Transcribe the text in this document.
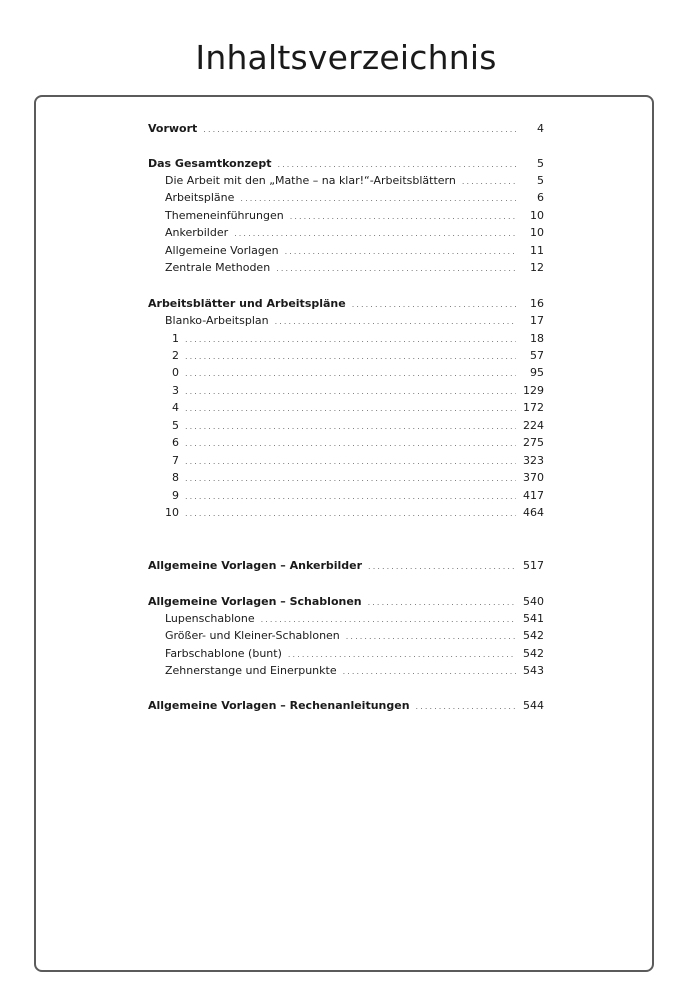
Inhaltsverzeichnis
Vorwort .....	4
Das Gesamtkonzept .....	5
Die Arbeit mit den „Mathe – na klar!“-Arbeitsblättern .....	5
Arbeitspläne .....	6
Themeneinführungen .....	10
Ankerbilder .....	10
Allgemeine Vorlagen .....	11
Zentrale Methoden .....	12
Arbeitsblätter und Arbeitspläne .....	16
Blanko-Arbeitsplan .....	17
1 .....	18
2 .....	57
0 .....	95
3 .....	129
4 .....	172
5 .....	224
6 .....	275
7 .....	323
8 .....	370
9 .....	417
10 .....	464
Allgemeine Vorlagen – Ankerbilder .....	517
Allgemeine Vorlagen – Schablonen .....	540
Lupenschablone .....	541
Größer- und Kleiner-Schablonen .....	542
Farbschablone (bunt) .....	542
Zehnerstange und Einerpunkte .....	543
Allgemeine Vorlagen – Rechenanleitungen .....	544
